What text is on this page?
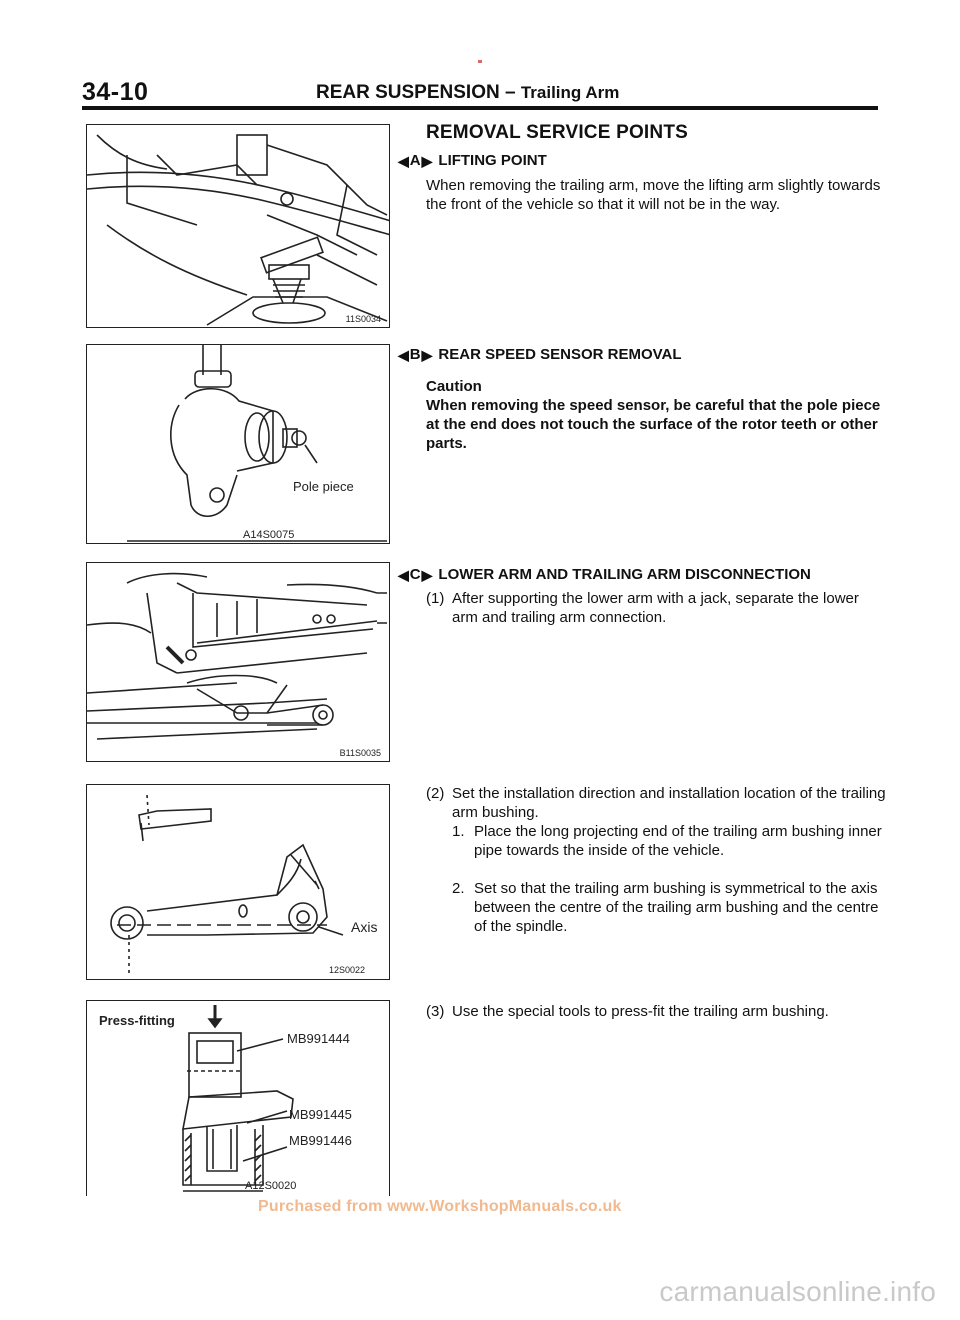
34-10	REAR SUSPENSION – Trailing Arm
11S0034
Pole piece
A14S0075
B11S0035
Axis
12S0022
Press-fitting
MB991444
MB991445
MB991446
A12S0020
REMOVAL SERVICE POINTS
◀ A ▶ LIFTING POINT
When removing the trailing arm, move the lifting arm slightly towards the front of the vehicle so that it will not be in the way.
◀ B ▶ REAR SPEED SENSOR REMOVAL
Caution
When removing the speed sensor, be careful that the pole piece at the end does not touch the surface of the rotor teeth or other parts.
◀ C ▶ LOWER ARM AND TRAILING ARM DISCONNECTION
(1) After supporting the lower arm with a jack, separate the lower arm and trailing arm connection.
(2) Set the installation direction and installation location of the trailing arm bushing.
1. Place the long projecting end of the trailing arm bushing inner pipe towards the inside of the vehicle.
2. Set so that the trailing arm bushing is symmetrical to the axis between the centre of the trailing arm bushing and the centre of the spindle.
(3) Use the special tools to press-fit the trailing arm bushing.
Purchased from www.WorkshopManuals.co.uk
carmanualsonline.info
